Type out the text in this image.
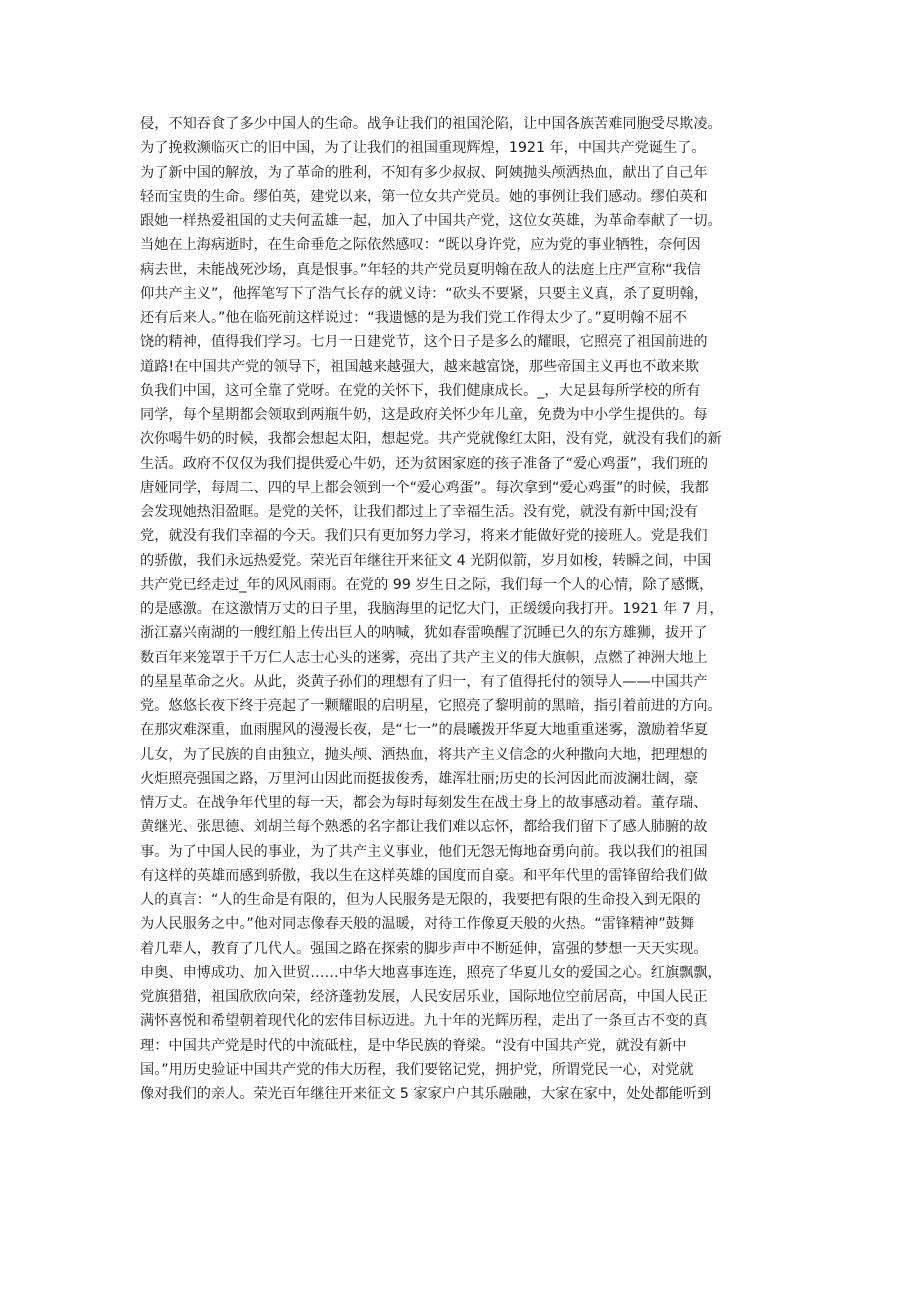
侵，不知吞食了多少中国人的生命。战争让我们的祖国沦陷，让中国各族苦难同胞受尽欺凌。
为了挽救濒临灭亡的旧中国，为了让我们的祖国重现辉煌，1921 年，中国共产党诞生了。
为了新中国的解放，为了革命的胜利，不知有多少叔叔、阿姨抛头颅洒热血，献出了自己年
轻而宝贵的生命。缪伯英，建党以来，第一位女共产党员。她的事例让我们感动。缪伯英和
跟她一样热爱祖国的丈夫何孟雄一起，加入了中国共产党，这位女英雄，为革命奉献了一切。
当她在上海病逝时，在生命垂危之际依然感叹：“既以身许党，应为党的事业牺牲，奈何因
病去世，未能战死沙场，真是恨事。”年轻的共产党员夏明翰在敌人的法庭上庄严宣称“我信
仰共产主义”，他挥笔写下了浩气长存的就义诗：“砍头不要紧，只要主义真，杀了夏明翰，
还有后来人。”他在临死前这样说过：“我遗憾的是为我们党工作得太少了。”夏明翰不屈不
饶的精神，值得我们学习。七月一日建党节，这个日子是多么的耀眼，它照亮了祖国前进的
道路!在中国共产党的领导下，祖国越来越强大，越来越富饶，那些帝国主义再也不敢来欺
负我们中国，这可全靠了党呀。在党的关怀下，我们健康成长。_，大足县每所学校的所有
同学，每个星期都会领取到两瓶牛奶，这是政府关怀少年儿童，免费为中小学生提供的。每
次你喝牛奶的时候，我都会想起太阳，想起党。共产党就像红太阳，没有党，就没有我们的新
生活。政府不仅仅为我们提供爱心牛奶，还为贫困家庭的孩子准备了“爱心鸡蛋”，我们班的
唐娅同学，每周二、四的早上都会领到一个“爱心鸡蛋”。每次拿到“爱心鸡蛋”的时候，我都
会发现她热泪盈眶。是党的关怀，让我们都过上了幸福生活。没有党，就没有新中国;没有
党，就没有我们幸福的今天。我们只有更加努力学习，将来才能做好党的接班人。党是我们
的骄傲，我们永远热爱党。荣光百年继往开来征文 4 光阴似箭，岁月如梭，转瞬之间，中国
共产党已经走过_年的风风雨雨。在党的 99 岁生日之际，我们每一个人的心情，除了感慨，
的是感激。在这激情万丈的日子里，我脑海里的记忆大门，正缓缓向我打开。1921 年 7 月，
浙江嘉兴南湖的一艘红船上传出巨人的呐喊，犹如春雷唤醒了沉睡已久的东方雄狮，拔开了
数百年来笼罩于千万仁人志士心头的迷雾，亮出了共产主义的伟大旗帜，点燃了神洲大地上
的星星革命之火。从此，炎黄子孙们的理想有了归一，有了值得托付的领导人——中国共产
党。悠悠长夜下终于亮起了一颗耀眼的启明星，它照亮了黎明前的黑暗，指引着前进的方向。
在那灾难深重，血雨腥风的漫漫长夜，是“七一”的晨曦拨开华夏大地重重迷雾，激励着华夏
儿女，为了民族的自由独立，抛头颅、洒热血，将共产主义信念的火种撒向大地，把理想的
火炬照亮强国之路，万里河山因此而挺拔俊秀，雄浑壮丽;历史的长河因此而波澜壮阔，豪
情万丈。在战争年代里的每一天，都会为每时每刻发生在战士身上的故事感动着。董存瑞、
黄继光、张思德、刘胡兰每个熟悉的名字都让我们难以忘怀，都给我们留下了感人肺腑的故
事。为了中国人民的事业，为了共产主义事业，他们无怨无悔地奋勇向前。我以我们的祖国
有这样的英雄而感到骄傲，我以生在这样英雄的国度而自豪。和平年代里的雷锋留给我们做
人的真言：“人的生命是有限的，但为人民服务是无限的，我要把有限的生命投入到无限的
为人民服务之中。”他对同志像春天般的温暖，对待工作像夏天般的火热。“雷锋精神”鼓舞
着几辈人，教育了几代人。强国之路在探索的脚步声中不断延伸，富强的梦想一天天实现。
申奥、申博成功、加入世贸……中华大地喜事连连，照亮了华夏儿女的爱国之心。红旗飘飘，
党旗猎猎，祖国欣欣向荣，经济蓬勃发展，人民安居乐业，国际地位空前居高，中国人民正
满怀喜悦和希望朝着现代化的宏伟目标迈进。九十年的光辉历程，走出了一条亘古不变的真
理：中国共产党是时代的中流砥柱，是中华民族的脊梁。“没有中国共产党，就没有新中
国。”用历史验证中国共产党的伟大历程，我们要铭记党，拥护党，所谓党民一心，对党就
像对我们的亲人。荣光百年继往开来征文 5 家家户户其乐融融，大家在家中，处处都能听到
